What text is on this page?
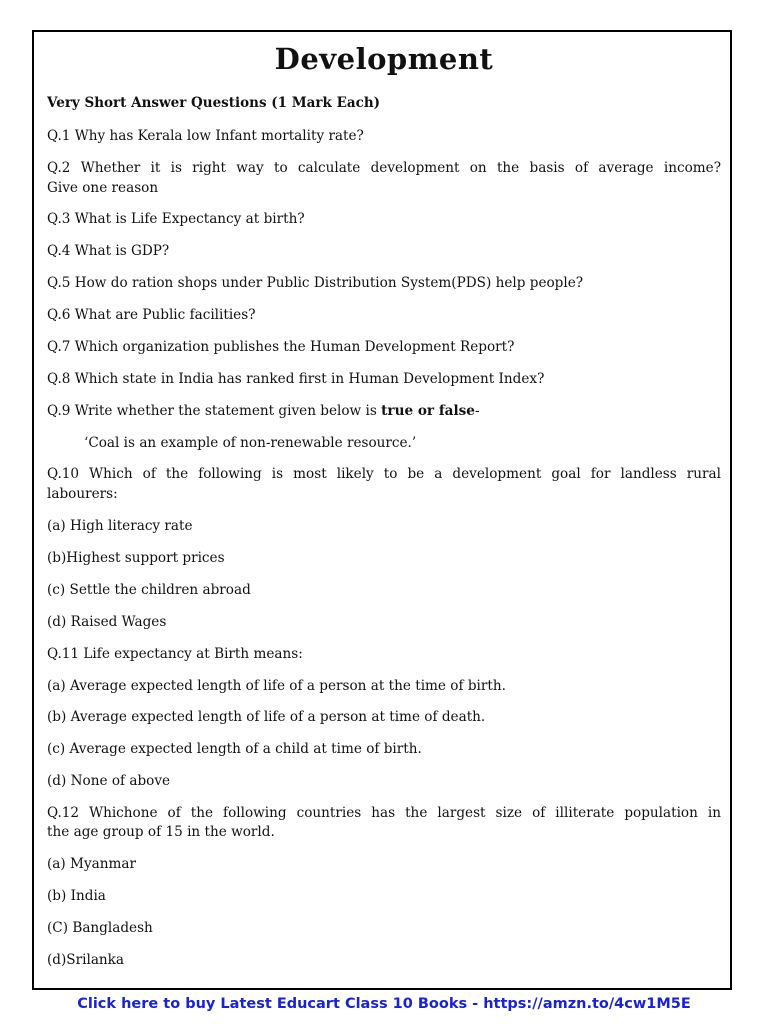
Development
Very Short Answer Questions (1 Mark Each)
Q.1 Why has Kerala low Infant mortality rate?
Q.2 Whether it is right way to calculate development on the basis of average income?
Give one reason
Q.3 What is Life Expectancy at birth?
Q.4 What is GDP?
Q.5 How do ration shops under Public Distribution System(PDS) help people?
Q.6 What are Public facilities?
Q.7 Which organization publishes the Human Development Report?
Q.8 Which state in India has ranked first in Human Development Index?
Q.9 Write whether the statement given below is true or false-
‘Coal is an example of non-renewable resource.’
Q.10 Which of the following is most likely to be a development goal for landless rural
labourers:
(a) High literacy rate
(b)Highest support prices
(c) Settle the children abroad
(d) Raised Wages
Q.11 Life expectancy at Birth means:
(a) Average expected length of life of a person at the time of birth.
(b) Average expected length of life of a person at time of death.
(c) Average expected length of a child at time of birth.
(d) None of above
Q.12 Whichone of the following countries has the largest size of illiterate population in
the age group of 15 in the world.
(a) Myanmar
(b) India
(C) Bangladesh
(d)Srilanka
Click here to buy Latest Educart Class 10 Books - https://amzn.to/4cw1M5E
